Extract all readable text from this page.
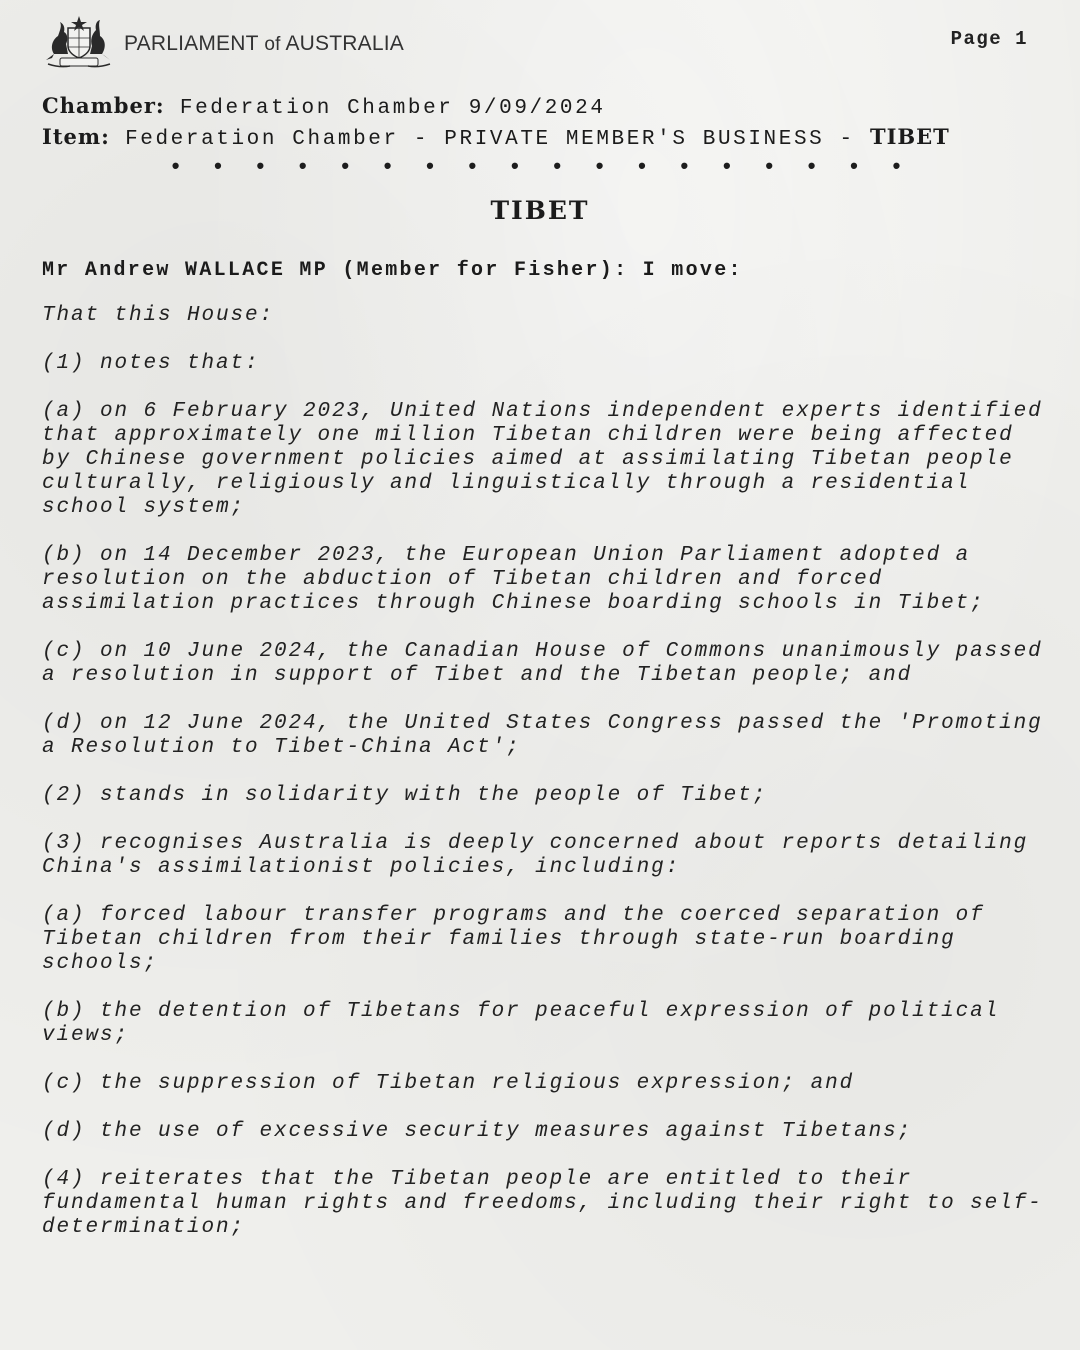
PARLIAMENT of AUSTRALIA	Page 1
Chamber: Federation Chamber 9/09/2024
Item: Federation Chamber - PRIVATE MEMBER'S BUSINESS - TIBET
• • • • • • • • • • • • • • • • • •
TIBET
Mr Andrew WALLACE MP (Member for Fisher): I move:

That this House:

(1) notes that:

(a) on 6 February 2023, United Nations independent experts identified that approximately one million Tibetan children were being affected by Chinese government policies aimed at assimilating Tibetan people culturally, religiously and linguistically through a residential school system;

(b) on 14 December 2023, the European Union Parliament adopted a resolution on the abduction of Tibetan children and forced assimilation practices through Chinese boarding schools in Tibet;

(c) on 10 June 2024, the Canadian House of Commons unanimously passed a resolution in support of Tibet and the Tibetan people; and

(d) on 12 June 2024, the United States Congress passed the 'Promoting a Resolution to Tibet-China Act';

(2) stands in solidarity with the people of Tibet;

(3) recognises Australia is deeply concerned about reports detailing China's assimilationist policies, including:

(a) forced labour transfer programs and the coerced separation of Tibetan children from their families through state-run boarding schools;

(b) the detention of Tibetans for peaceful expression of political views;

(c) the suppression of Tibetan religious expression; and

(d) the use of excessive security measures against Tibetans;

(4) reiterates that the Tibetan people are entitled to their fundamental human rights and freedoms, including their right to self-determination;
